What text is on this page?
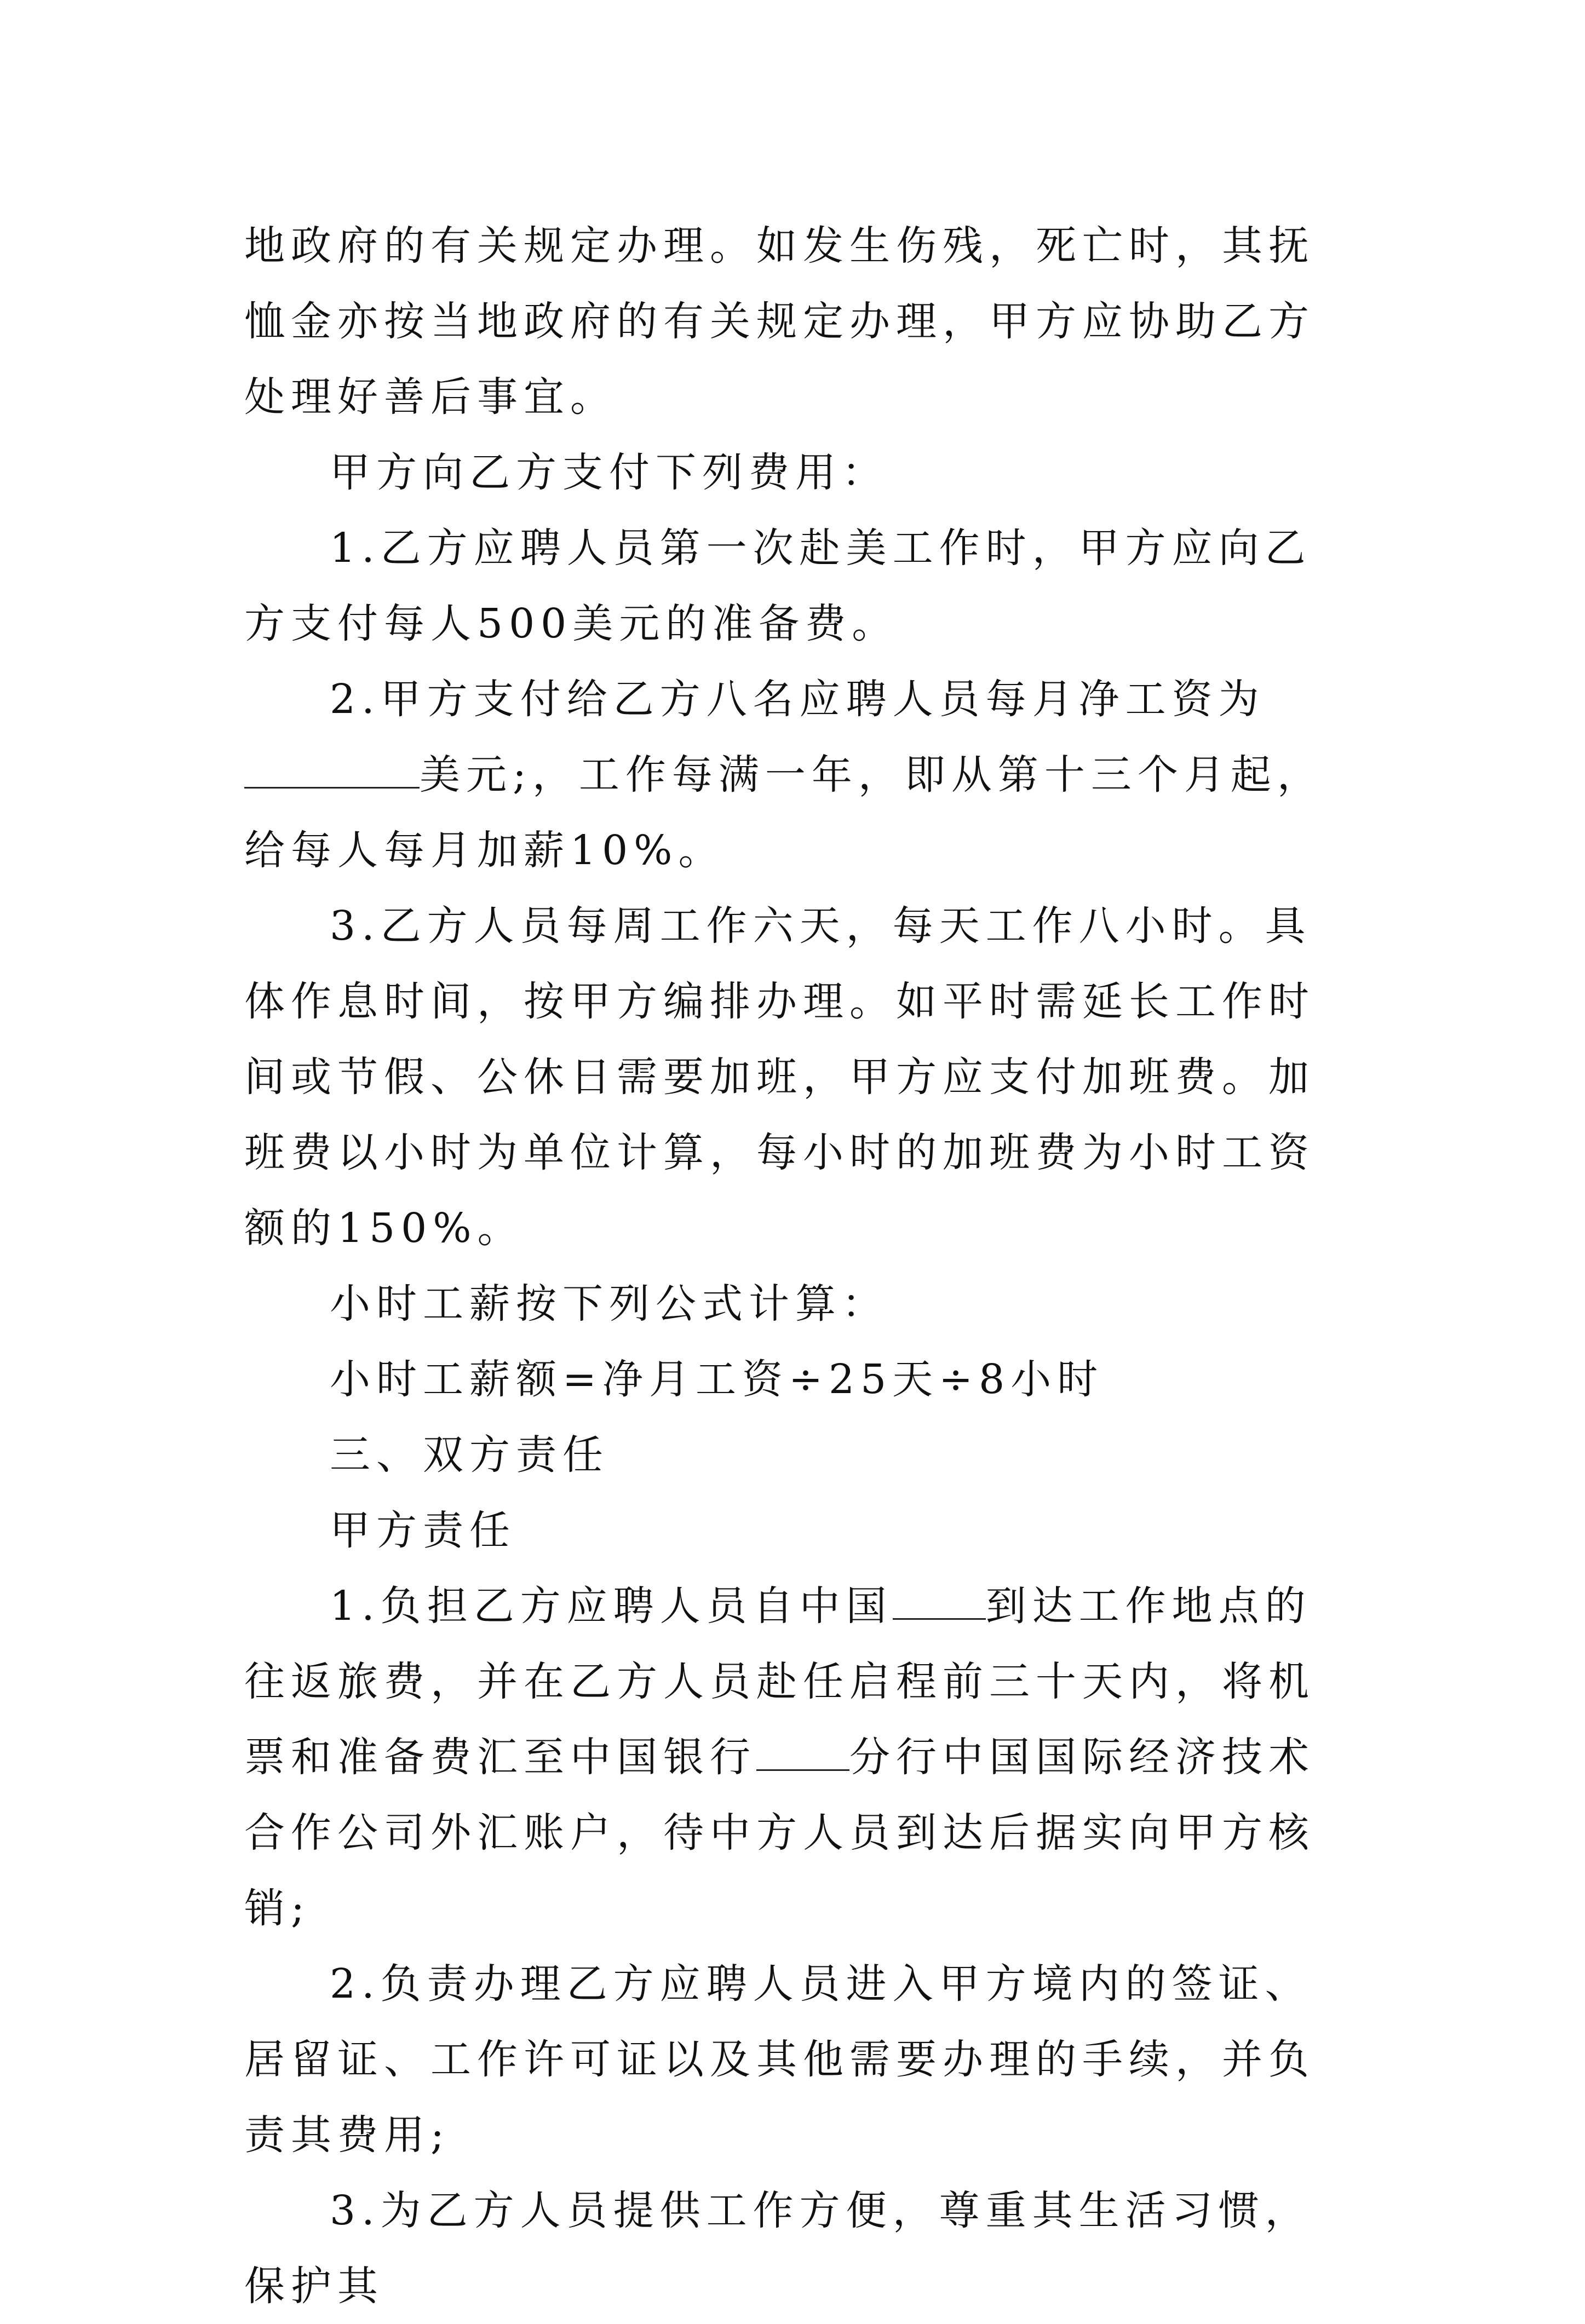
地政府的有关规定办理。如发生伤残，死亡时，其抚恤金亦按当地政府的有关规定办理，甲方应协助乙方处理好善后事宜。

甲方向乙方支付下列费用：

1.乙方应聘人员第一次赴美工作时，甲方应向乙方支付每人500美元的准备费。

2.甲方支付给乙方八名应聘人员每月净工资为美元;，工作每满一年，即从第十三个月起，给每人每月加薪10%。

3.乙方人员每周工作六天，每天工作八小时。具体作息时间，按甲方编排办理。如平时需延长工作时间或节假、公休日需要加班，甲方应支付加班费。加班费以小时为单位计算，每小时的加班费为小时工资额的150%。

小时工薪按下列公式计算：

小时工薪额=净月工资÷25天÷8小时

三、双方责任

甲方责任

1.负担乙方应聘人员自中国 到达工作地点的往返旅费，并在乙方人员赴任启程前三十天内，将机票和准备费汇至中国银行 分行中国国际经济技术合作公司外汇账户，待中方人员到达后据实向甲方核销;

2.负责办理乙方应聘人员进入甲方境内的签证、居留证、工作许可证以及其他需要办理的手续，并负责其费用;

3.为乙方人员提供工作方便，尊重其生活习惯，保护其
